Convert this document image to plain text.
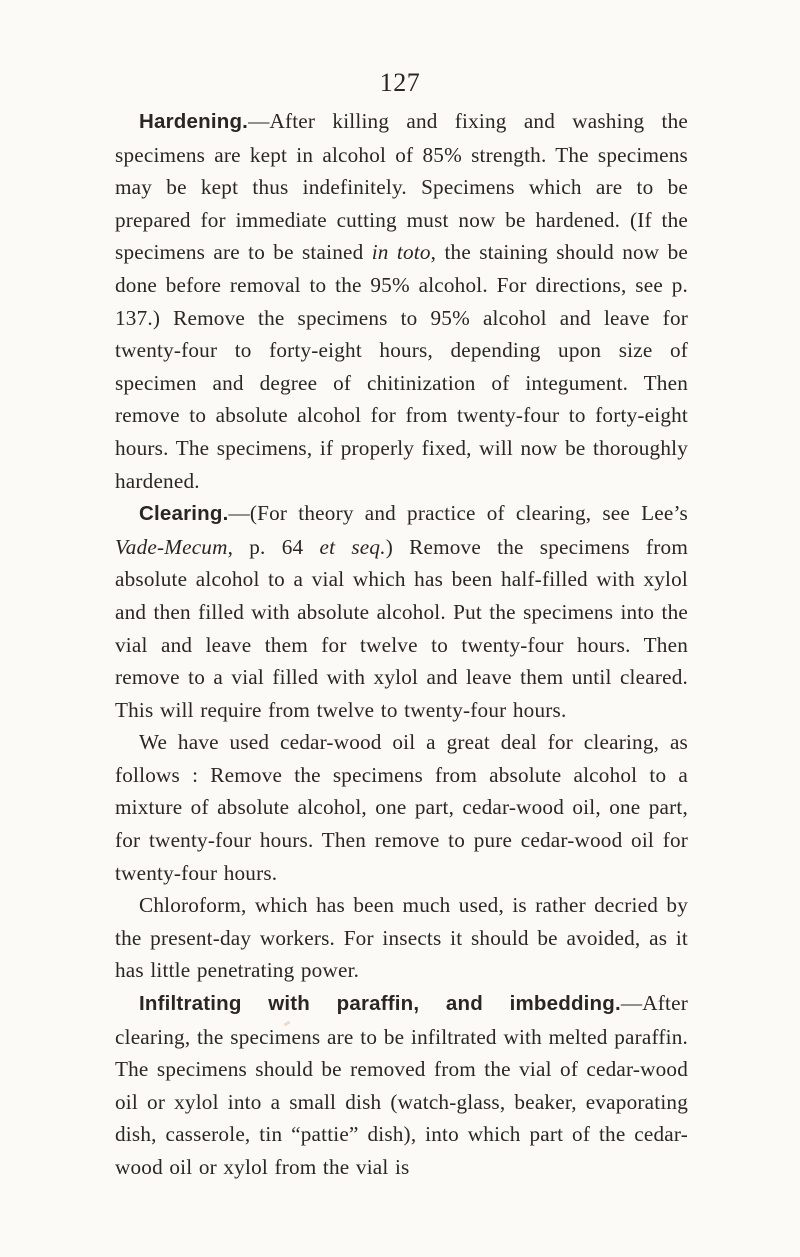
127

Hardening.—After killing and fixing and washing the specimens are kept in alcohol of 85% strength. The specimens may be kept thus indefinitely. Specimens which are to be prepared for immediate cutting must now be hardened. (If the specimens are to be stained in toto, the staining should now be done before removal to the 95% alcohol. For directions, see p. 137.) Remove the specimens to 95% alcohol and leave for twenty-four to forty-eight hours, depending upon size of specimen and degree of chitinization of integument. Then remove to absolute alcohol for from twenty-four to forty-eight hours. The specimens, if properly fixed, will now be thoroughly hardened.

Clearing.—(For theory and practice of clearing, see Lee’s Vade-Mecum, p. 64 et seq.) Remove the specimens from absolute alcohol to a vial which has been half-filled with xylol and then filled with absolute alcohol. Put the specimens into the vial and leave them for twelve to twenty-four hours. Then remove to a vial filled with xylol and leave them until cleared. This will require from twelve to twenty-four hours.

We have used cedar-wood oil a great deal for clearing, as follows : Remove the specimens from absolute alcohol to a mixture of absolute alcohol, one part, cedar-wood oil, one part, for twenty-four hours. Then remove to pure cedar-wood oil for twenty-four hours.

Chloroform, which has been much used, is rather decried by the present-day workers. For insects it should be avoided, as it has little penetrating power.

Infiltrating with paraffin, and imbedding.—After clearing, the specimens are to be infiltrated with melted paraffin. The specimens should be removed from the vial of cedar-wood oil or xylol into a small dish (watch-glass, beaker, evaporating dish, casserole, tin “pattie” dish), into which part of the cedar-wood oil or xylol from the vial is
